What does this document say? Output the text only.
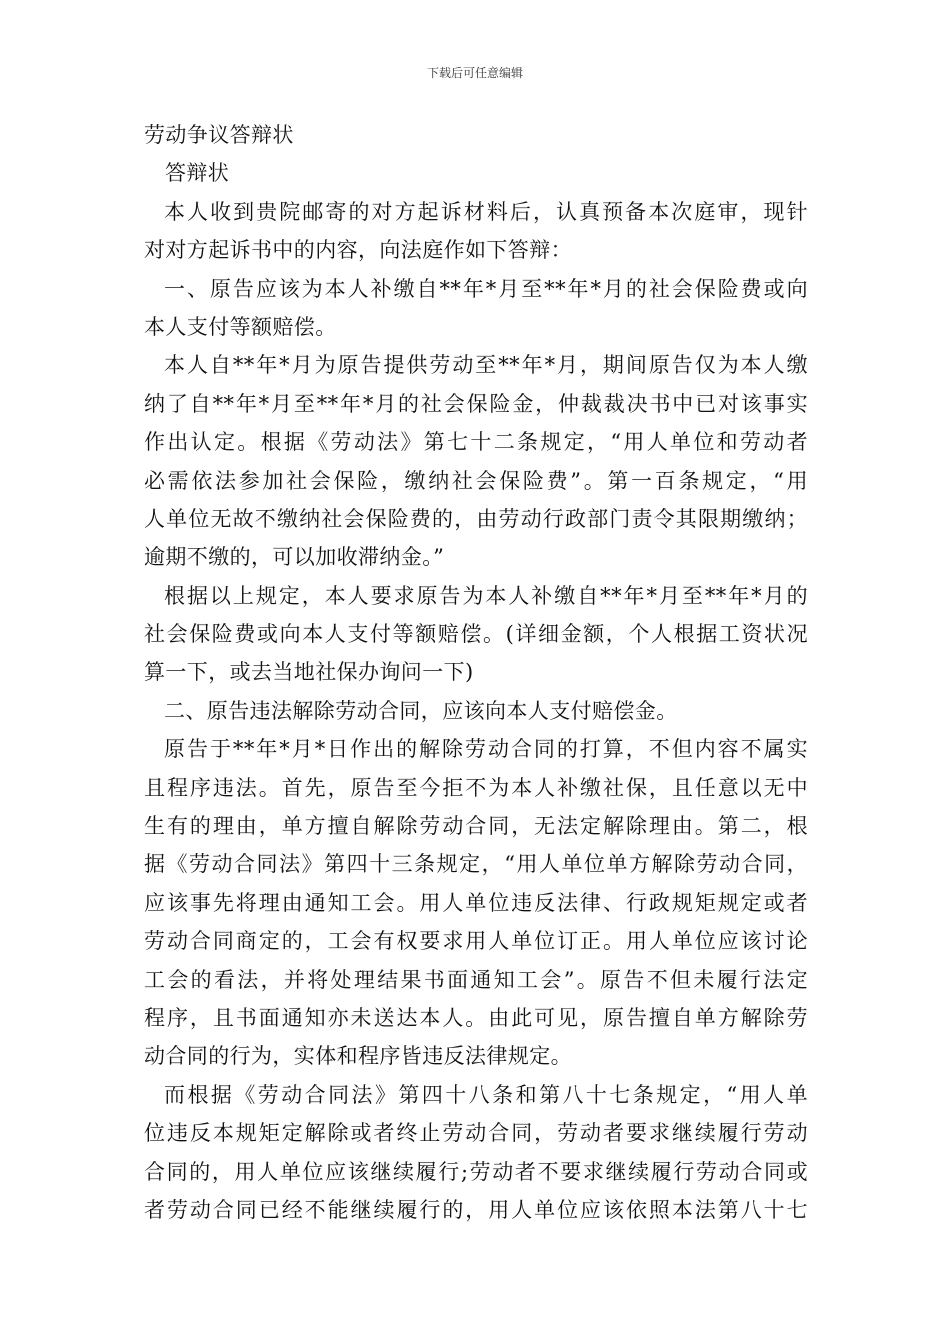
下载后可任意编辑
劳动争议答辩状
答辩状
本人收到贵院邮寄的对方起诉材料后，认真预备本次庭审，现针
对对方起诉书中的内容，向法庭作如下答辩：
一、原告应该为本人补缴自**年*月至**年*月的社会保险费或向
本人支付等额赔偿。
本人自**年*月为原告提供劳动至**年*月，期间原告仅为本人缴
纳了自**年*月至**年*月的社会保险金，仲裁裁决书中已对该事实
作出认定。根据《劳动法》第七十二条规定，“用人单位和劳动者
必需依法参加社会保险，缴纳社会保险费”。第一百条规定，“用
人单位无故不缴纳社会保险费的，由劳动行政部门责令其限期缴纳；
逾期不缴的，可以加收滞纳金。”
根据以上规定，本人要求原告为本人补缴自**年*月至**年*月的
社会保险费或向本人支付等额赔偿。(详细金额，个人根据工资状况
算一下，或去当地社保办询问一下)
二、原告违法解除劳动合同，应该向本人支付赔偿金。
原告于**年*月*日作出的解除劳动合同的打算，不但内容不属实
且程序违法。首先，原告至今拒不为本人补缴社保，且任意以无中
生有的理由，单方擅自解除劳动合同，无法定解除理由。第二，根
据《劳动合同法》第四十三条规定，“用人单位单方解除劳动合同，
应该事先将理由通知工会。用人单位违反法律、行政规矩规定或者
劳动合同商定的，工会有权要求用人单位订正。用人单位应该讨论
工会的看法，并将处理结果书面通知工会”。原告不但未履行法定
程序，且书面通知亦未送达本人。由此可见，原告擅自单方解除劳
动合同的行为，实体和程序皆违反法律规定。
而根据《劳动合同法》第四十八条和第八十七条规定，“用人单
位违反本规矩定解除或者终止劳动合同，劳动者要求继续履行劳动
合同的，用人单位应该继续履行;劳动者不要求继续履行劳动合同或
者劳动合同已经不能继续履行的，用人单位应该依照本法第八十七
